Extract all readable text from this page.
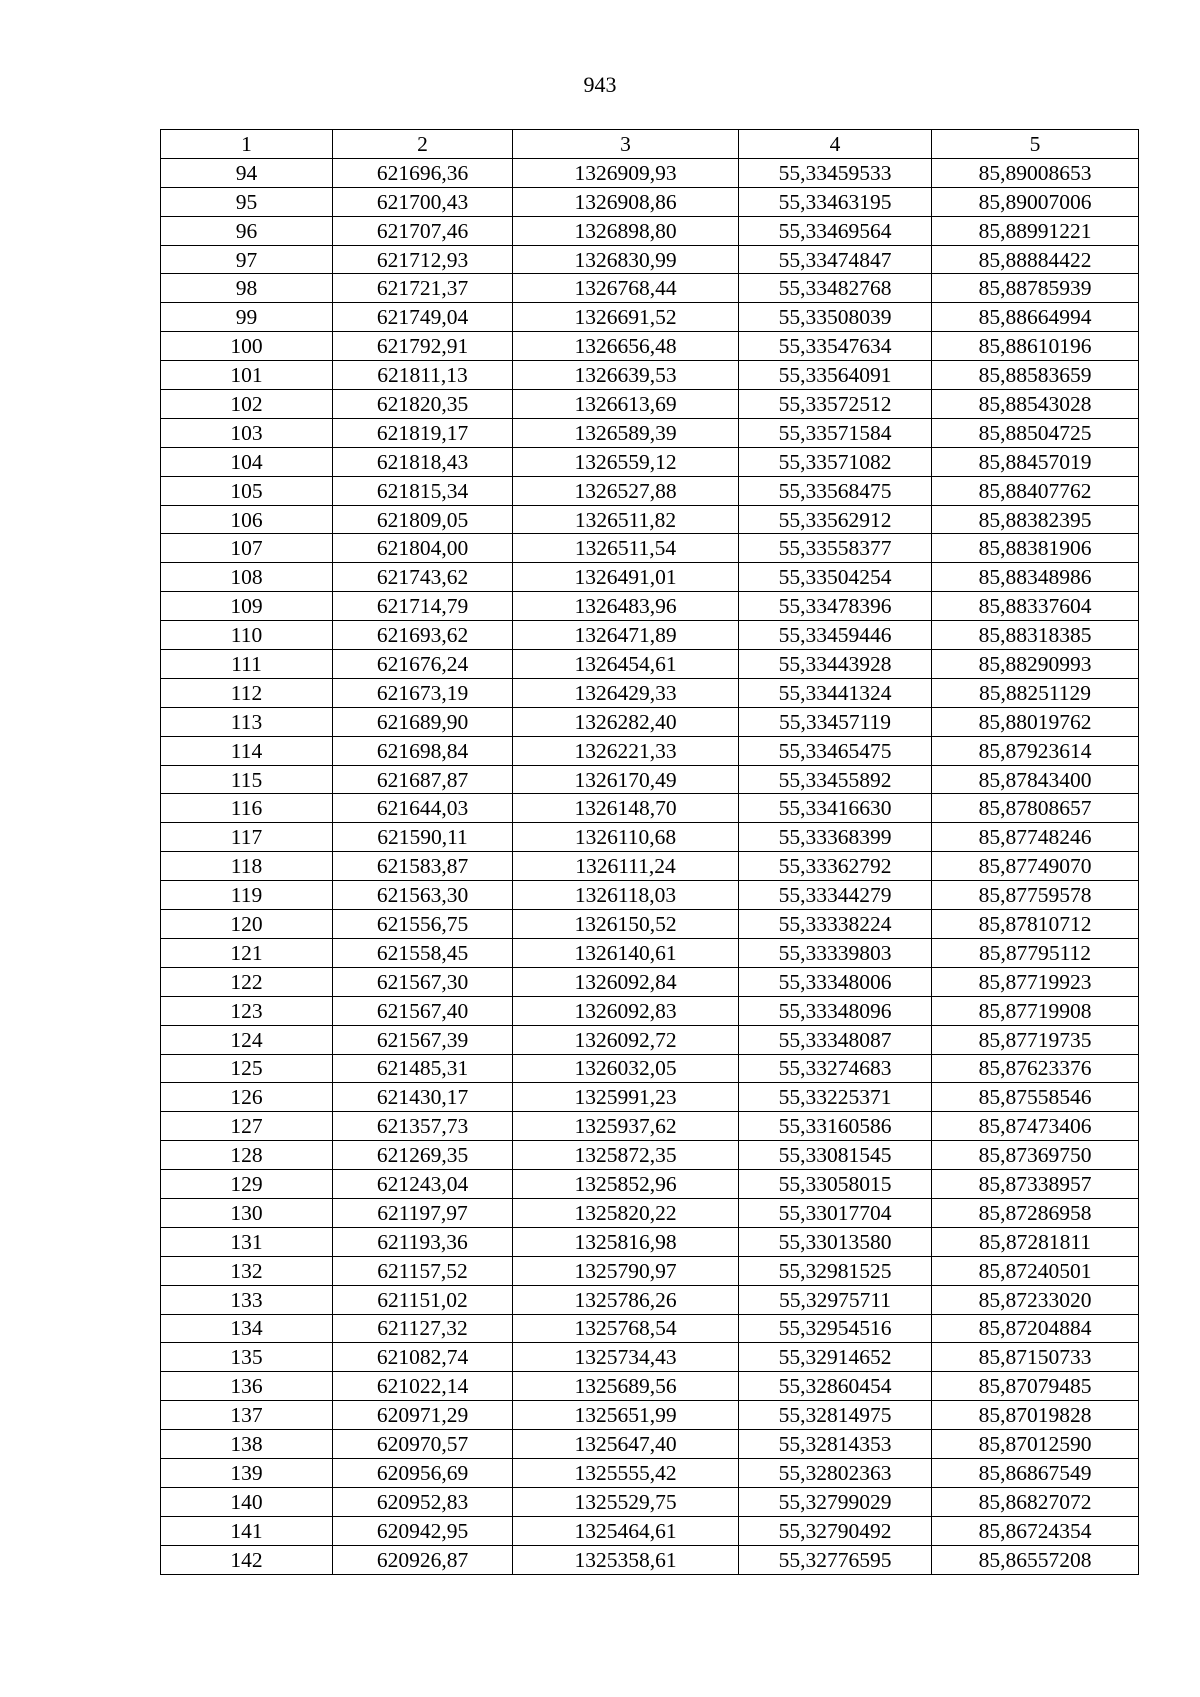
943
1	2	3	4	5
94	621696,36	1326909,93	55,33459533	85,89008653
95	621700,43	1326908,86	55,33463195	85,89007006
96	621707,46	1326898,80	55,33469564	85,88991221
97	621712,93	1326830,99	55,33474847	85,88884422
98	621721,37	1326768,44	55,33482768	85,88785939
99	621749,04	1326691,52	55,33508039	85,88664994
100	621792,91	1326656,48	55,33547634	85,88610196
101	621811,13	1326639,53	55,33564091	85,88583659
102	621820,35	1326613,69	55,33572512	85,88543028
103	621819,17	1326589,39	55,33571584	85,88504725
104	621818,43	1326559,12	55,33571082	85,88457019
105	621815,34	1326527,88	55,33568475	85,88407762
106	621809,05	1326511,82	55,33562912	85,88382395
107	621804,00	1326511,54	55,33558377	85,88381906
108	621743,62	1326491,01	55,33504254	85,88348986
109	621714,79	1326483,96	55,33478396	85,88337604
110	621693,62	1326471,89	55,33459446	85,88318385
111	621676,24	1326454,61	55,33443928	85,88290993
112	621673,19	1326429,33	55,33441324	85,88251129
113	621689,90	1326282,40	55,33457119	85,88019762
114	621698,84	1326221,33	55,33465475	85,87923614
115	621687,87	1326170,49	55,33455892	85,87843400
116	621644,03	1326148,70	55,33416630	85,87808657
117	621590,11	1326110,68	55,33368399	85,87748246
118	621583,87	1326111,24	55,33362792	85,87749070
119	621563,30	1326118,03	55,33344279	85,87759578
120	621556,75	1326150,52	55,33338224	85,87810712
121	621558,45	1326140,61	55,33339803	85,87795112
122	621567,30	1326092,84	55,33348006	85,87719923
123	621567,40	1326092,83	55,33348096	85,87719908
124	621567,39	1326092,72	55,33348087	85,87719735
125	621485,31	1326032,05	55,33274683	85,87623376
126	621430,17	1325991,23	55,33225371	85,87558546
127	621357,73	1325937,62	55,33160586	85,87473406
128	621269,35	1325872,35	55,33081545	85,87369750
129	621243,04	1325852,96	55,33058015	85,87338957
130	621197,97	1325820,22	55,33017704	85,87286958
131	621193,36	1325816,98	55,33013580	85,87281811
132	621157,52	1325790,97	55,32981525	85,87240501
133	621151,02	1325786,26	55,32975711	85,87233020
134	621127,32	1325768,54	55,32954516	85,87204884
135	621082,74	1325734,43	55,32914652	85,87150733
136	621022,14	1325689,56	55,32860454	85,87079485
137	620971,29	1325651,99	55,32814975	85,87019828
138	620970,57	1325647,40	55,32814353	85,87012590
139	620956,69	1325555,42	55,32802363	85,86867549
140	620952,83	1325529,75	55,32799029	85,86827072
141	620942,95	1325464,61	55,32790492	85,86724354
142	620926,87	1325358,61	55,32776595	85,86557208
